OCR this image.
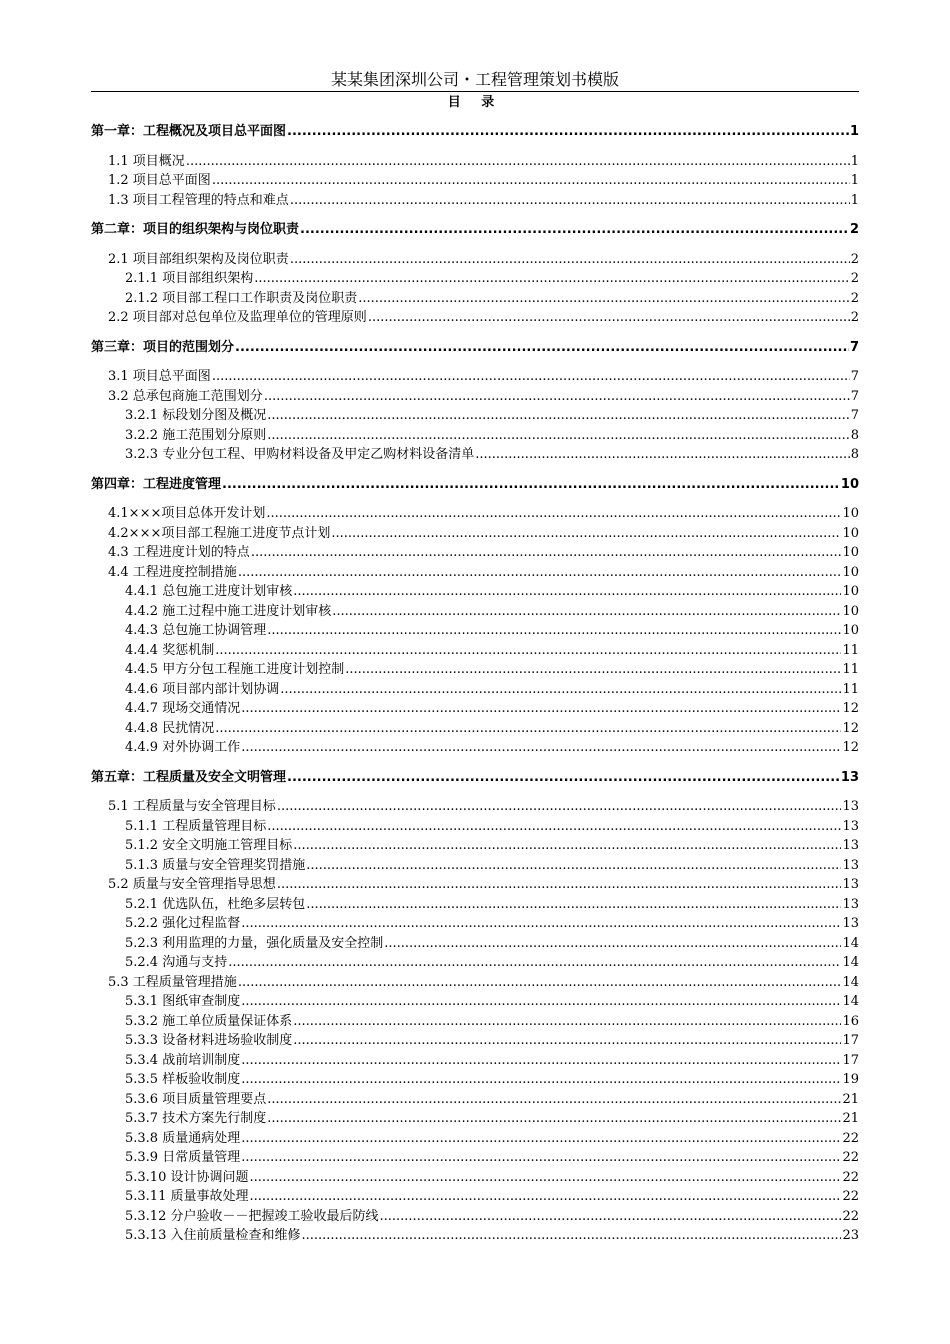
某某集团深圳公司・工程管理策划书模版
目 录
第一章：工程概况及项目总平面图 .....	1
1.1 项目概况 .....	1
1.2 项目总平面图 .....	1
1.3 项目工程管理的特点和难点 .....	1
第二章：项目的组织架构与岗位职责 .....	2
2.1 项目部组织架构及岗位职责 .....	2
2.1.1 项目部组织架构 .....	2
2.1.2 项目部工程口工作职责及岗位职责 .....	2
2.2 项目部对总包单位及监理单位的管理原则 .....	2
第三章：项目的范围划分 .....	7
3.1 项目总平面图 .....	7
3.2 总承包商施工范围划分 .....	7
3.2.1 标段划分图及概况 .....	7
3.2.2 施工范围划分原则 .....	8
3.2.3 专业分包工程、甲购材料设备及甲定乙购材料设备清单 .....	8
第四章：工程进度管理 .....	10
4.1×××项目总体开发计划 .....	10
4.2×××项目部工程施工进度节点计划 .....	10
4.3 工程进度计划的特点 .....	10
4.4 工程进度控制措施 .....	10
4.4.1 总包施工进度计划审核 .....	10
4.4.2 施工过程中施工进度计划审核 .....	10
4.4.3 总包施工协调管理 .....	10
4.4.4 奖惩机制 .....	11
4.4.5 甲方分包工程施工进度计划控制 .....	11
4.4.6 项目部内部计划协调 .....	11
4.4.7 现场交通情况 .....	12
4.4.8 民扰情况 .....	12
4.4.9 对外协调工作 .....	12
第五章：工程质量及安全文明管理 .....	13
5.1 工程质量与安全管理目标 .....	13
5.1.1 工程质量管理目标 .....	13
5.1.2 安全文明施工管理目标 .....	13
5.1.3 质量与安全管理奖罚措施 .....	13
5.2 质量与安全管理指导思想 .....	13
5.2.1 优选队伍，杜绝多层转包 .....	13
5.2.2 强化过程监督 .....	13
5.2.3 利用监理的力量，强化质量及安全控制 .....	14
5.2.4 沟通与支持 .....	14
5.3 工程质量管理措施 .....	14
5.3.1 图纸审查制度 .....	14
5.3.2 施工单位质量保证体系 .....	16
5.3.3 设备材料进场验收制度 .....	17
5.3.4 战前培训制度 .....	17
5.3.5 样板验收制度 .....	19
5.3.6 项目质量管理要点 .....	21
5.3.7 技术方案先行制度 .....	21
5.3.8 质量通病处理 .....	22
5.3.9 日常质量管理 .....	22
5.3.10 设计协调问题 .....	22
5.3.11 质量事故处理 .....	22
5.3.12 分户验收－－把握竣工验收最后防线 .....	22
5.3.13 入住前质量检查和维修 .....	23
